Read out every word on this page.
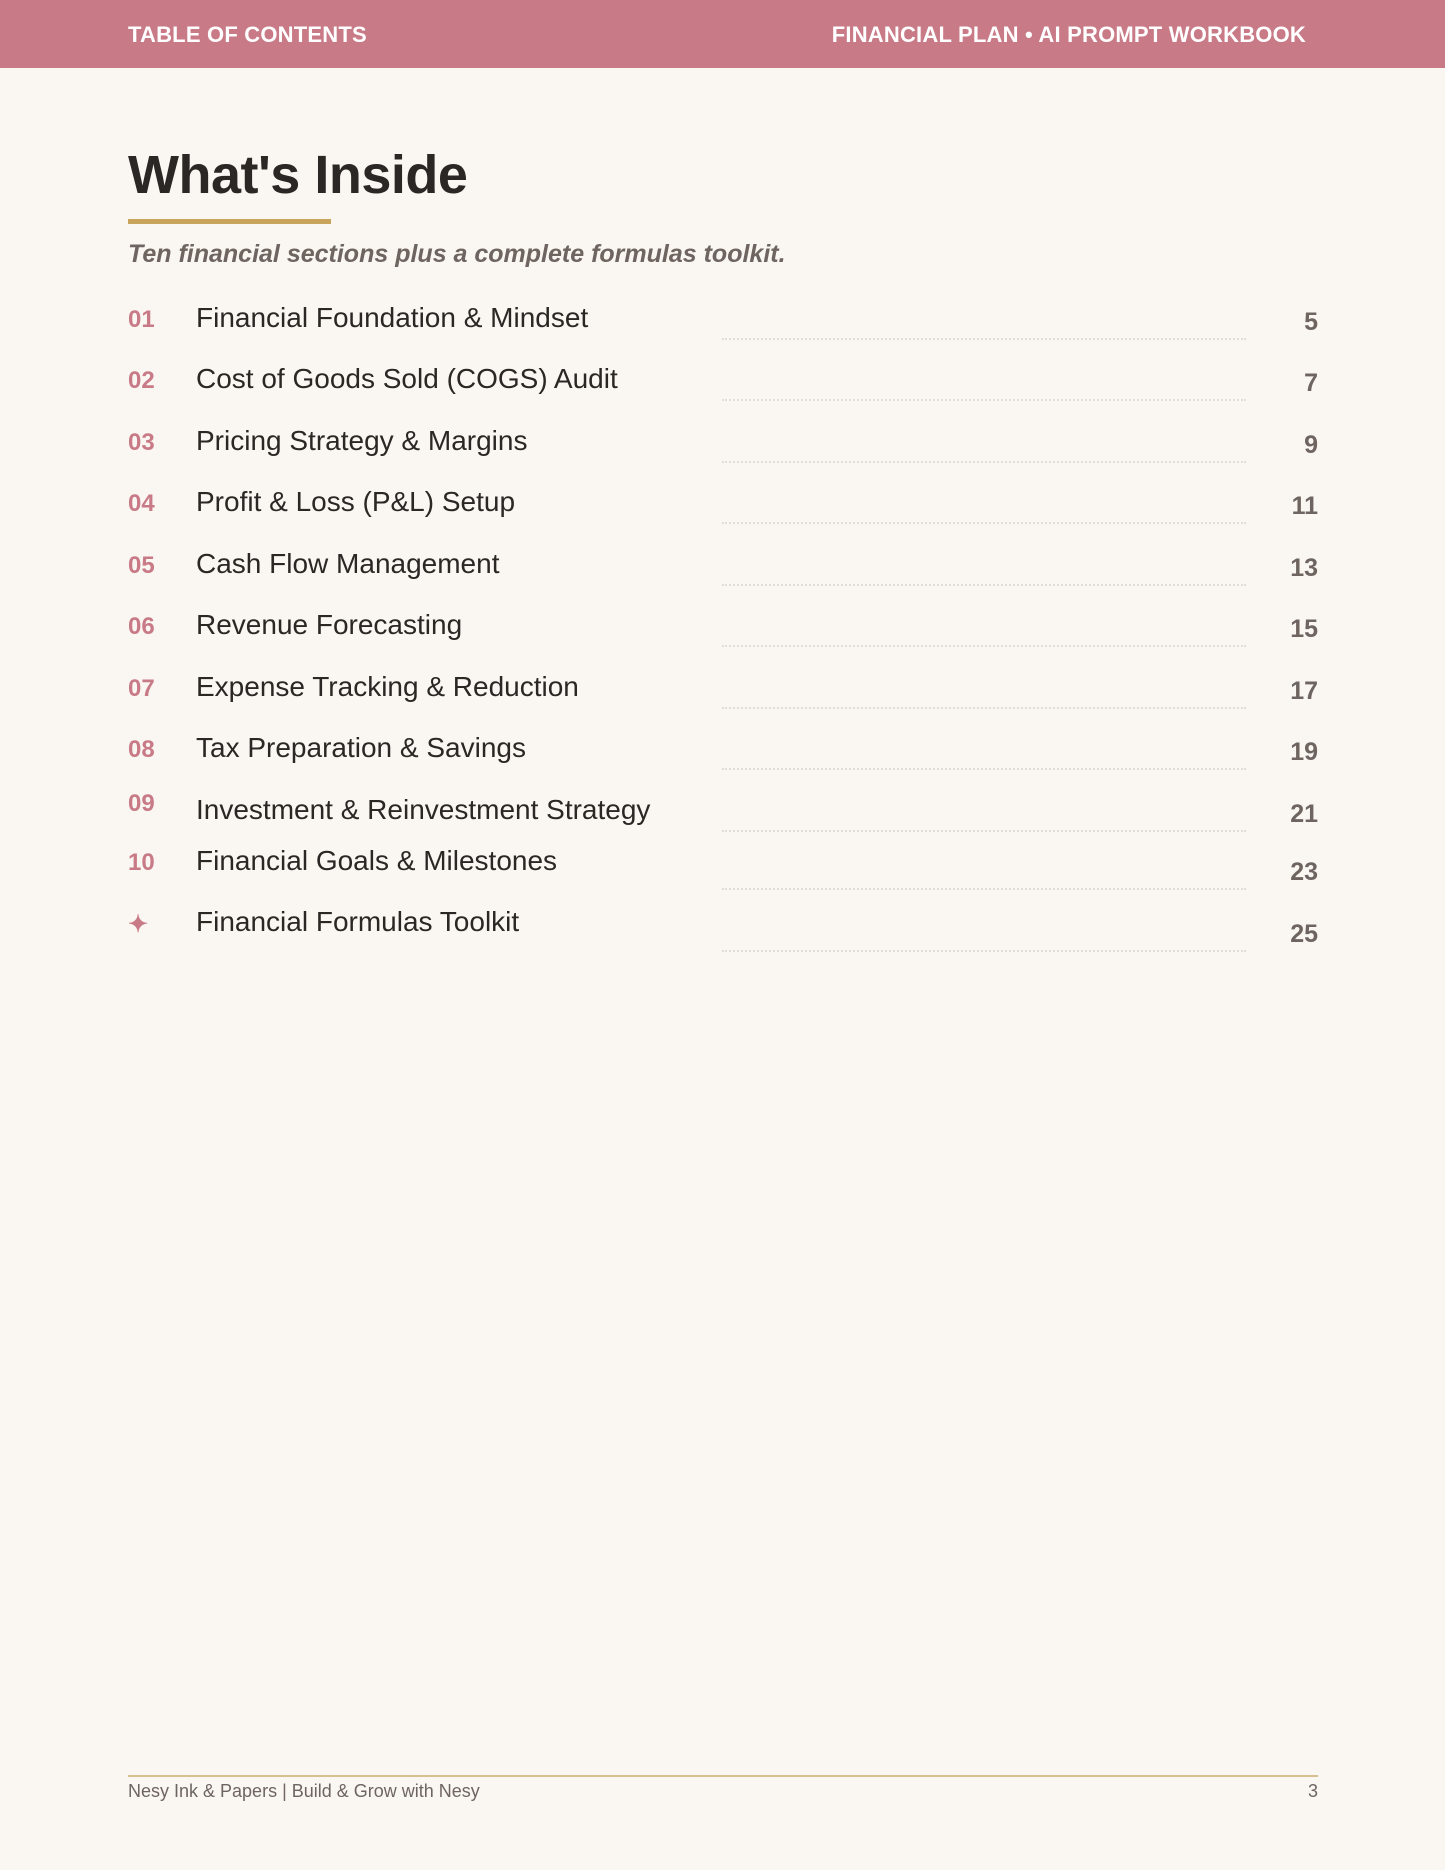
TABLE OF CONTENTS	FINANCIAL PLAN • AI PROMPT WORKBOOK
What's Inside
Ten financial sections plus a complete formulas toolkit.
01 Financial Foundation & Mindset	5
02 Cost of Goods Sold (COGS) Audit	7
03 Pricing Strategy & Margins	9
04 Profit & Loss (P&L) Setup	11
05 Cash Flow Management	13
06 Revenue Forecasting	15
07 Expense Tracking & Reduction	17
08 Tax Preparation & Savings	19
09 Investment & Reinvestment Strategy	21
10 Financial Goals & Milestones	23
✦ Financial Formulas Toolkit	25
Nesy Ink & Papers | Build & Grow with Nesy	3
